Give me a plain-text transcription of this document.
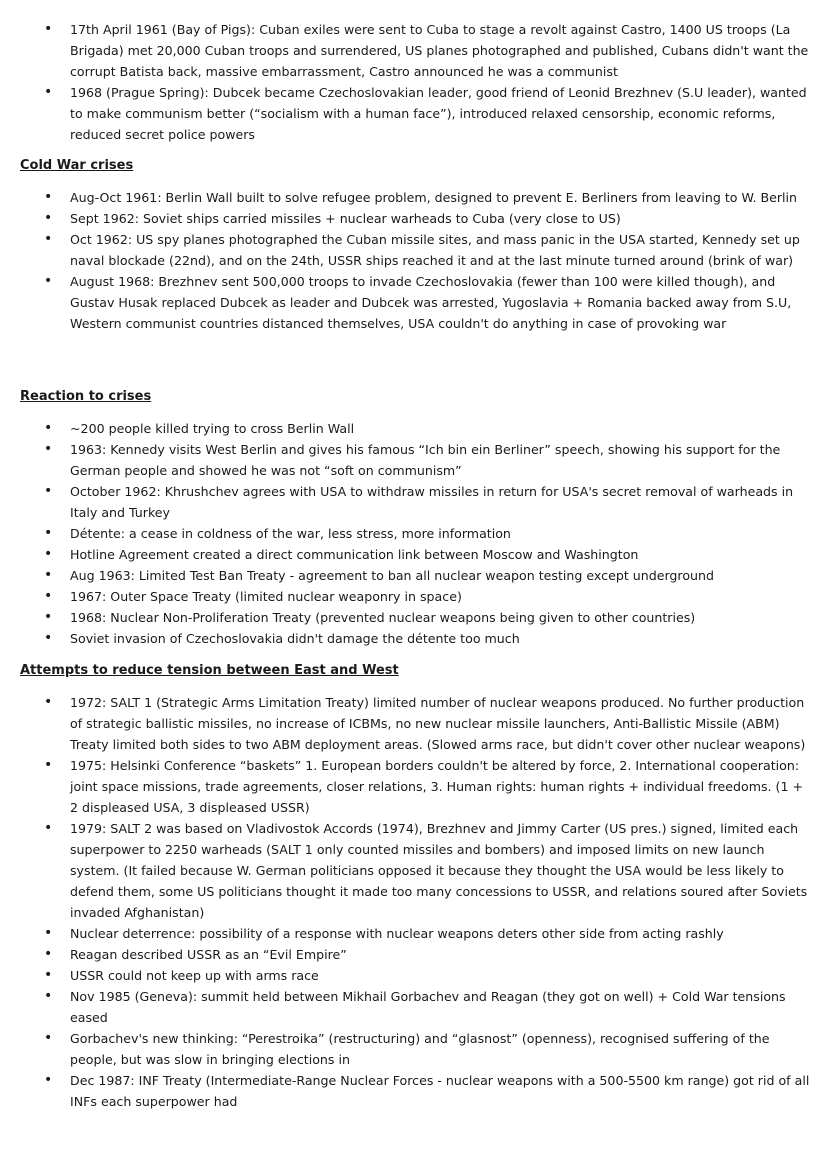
• 17th April 1961 (Bay of Pigs): Cuban exiles were sent to Cuba to stage a revolt against Castro, 1400 US troops (La Brigada) met 20,000 Cuban troops and surrendered, US planes photographed and published, Cubans didn't want the corrupt Batista back, massive embarrassment, Castro announced he was a communist
• 1968 (Prague Spring): Dubcek became Czechoslovakian leader, good friend of Leonid Brezhnev (S.U leader), wanted to make communism better (“socialism with a human face”), introduced relaxed censorship, economic reforms, reduced secret police powers
Cold War crises
• Aug-Oct 1961: Berlin Wall built to solve refugee problem, designed to prevent E. Berliners from leaving to W. Berlin
• Sept 1962: Soviet ships carried missiles + nuclear warheads to Cuba (very close to US)
• Oct 1962: US spy planes photographed the Cuban missile sites, and mass panic in the USA started, Kennedy set up naval blockade (22nd), and on the 24th, USSR ships reached it and at the last minute turned around (brink of war)
• August 1968: Brezhnev sent 500,000 troops to invade Czechoslovakia (fewer than 100 were killed though), and Gustav Husak replaced Dubcek as leader and Dubcek was arrested, Yugoslavia + Romania backed away from S.U, Western communist countries distanced themselves, USA couldn't do anything in case of provoking war
Reaction to crises
• ~200 people killed trying to cross Berlin Wall
• 1963: Kennedy visits West Berlin and gives his famous “Ich bin ein Berliner” speech, showing his support for the German people and showed he was not “soft on communism”
• October 1962: Khrushchev agrees with USA to withdraw missiles in return for USA's secret removal of warheads in Italy and Turkey
• Détente: a cease in coldness of the war, less stress, more information
• Hotline Agreement created a direct communication link between Moscow and Washington
• Aug 1963: Limited Test Ban Treaty - agreement to ban all nuclear weapon testing except underground
• 1967: Outer Space Treaty (limited nuclear weaponry in space)
• 1968: Nuclear Non-Proliferation Treaty (prevented nuclear weapons being given to other countries)
• Soviet invasion of Czechoslovakia didn't damage the détente too much
Attempts to reduce tension between East and West
• 1972: SALT 1 (Strategic Arms Limitation Treaty) limited number of nuclear weapons produced. No further production of strategic ballistic missiles, no increase of ICBMs, no new nuclear missile launchers, Anti-Ballistic Missile (ABM) Treaty limited both sides to two ABM deployment areas. (Slowed arms race, but didn't cover other nuclear weapons)
• 1975: Helsinki Conference “baskets” 1. European borders couldn't be altered by force, 2. International cooperation: joint space missions, trade agreements, closer relations, 3. Human rights: human rights + individual freedoms. (1 + 2 displeased USA, 3 displeased USSR)
• 1979: SALT 2 was based on Vladivostok Accords (1974), Brezhnev and Jimmy Carter (US pres.) signed, limited each superpower to 2250 warheads (SALT 1 only counted missiles and bombers) and imposed limits on new launch system. (It failed because W. German politicians opposed it because they thought the USA would be less likely to defend them, some US politicians thought it made too many concessions to USSR, and relations soured after Soviets invaded Afghanistan)
• Nuclear deterrence: possibility of a response with nuclear weapons deters other side from acting rashly
• Reagan described USSR as an “Evil Empire”
• USSR could not keep up with arms race
• Nov 1985 (Geneva): summit held between Mikhail Gorbachev and Reagan (they got on well) + Cold War tensions eased
• Gorbachev's new thinking: “Perestroika” (restructuring) and “glasnost” (openness), recognised suffering of the people, but was slow in bringing elections in
• Dec 1987: INF Treaty (Intermediate-Range Nuclear Forces - nuclear weapons with a 500-5500 km range) got rid of all INFs each superpower had
